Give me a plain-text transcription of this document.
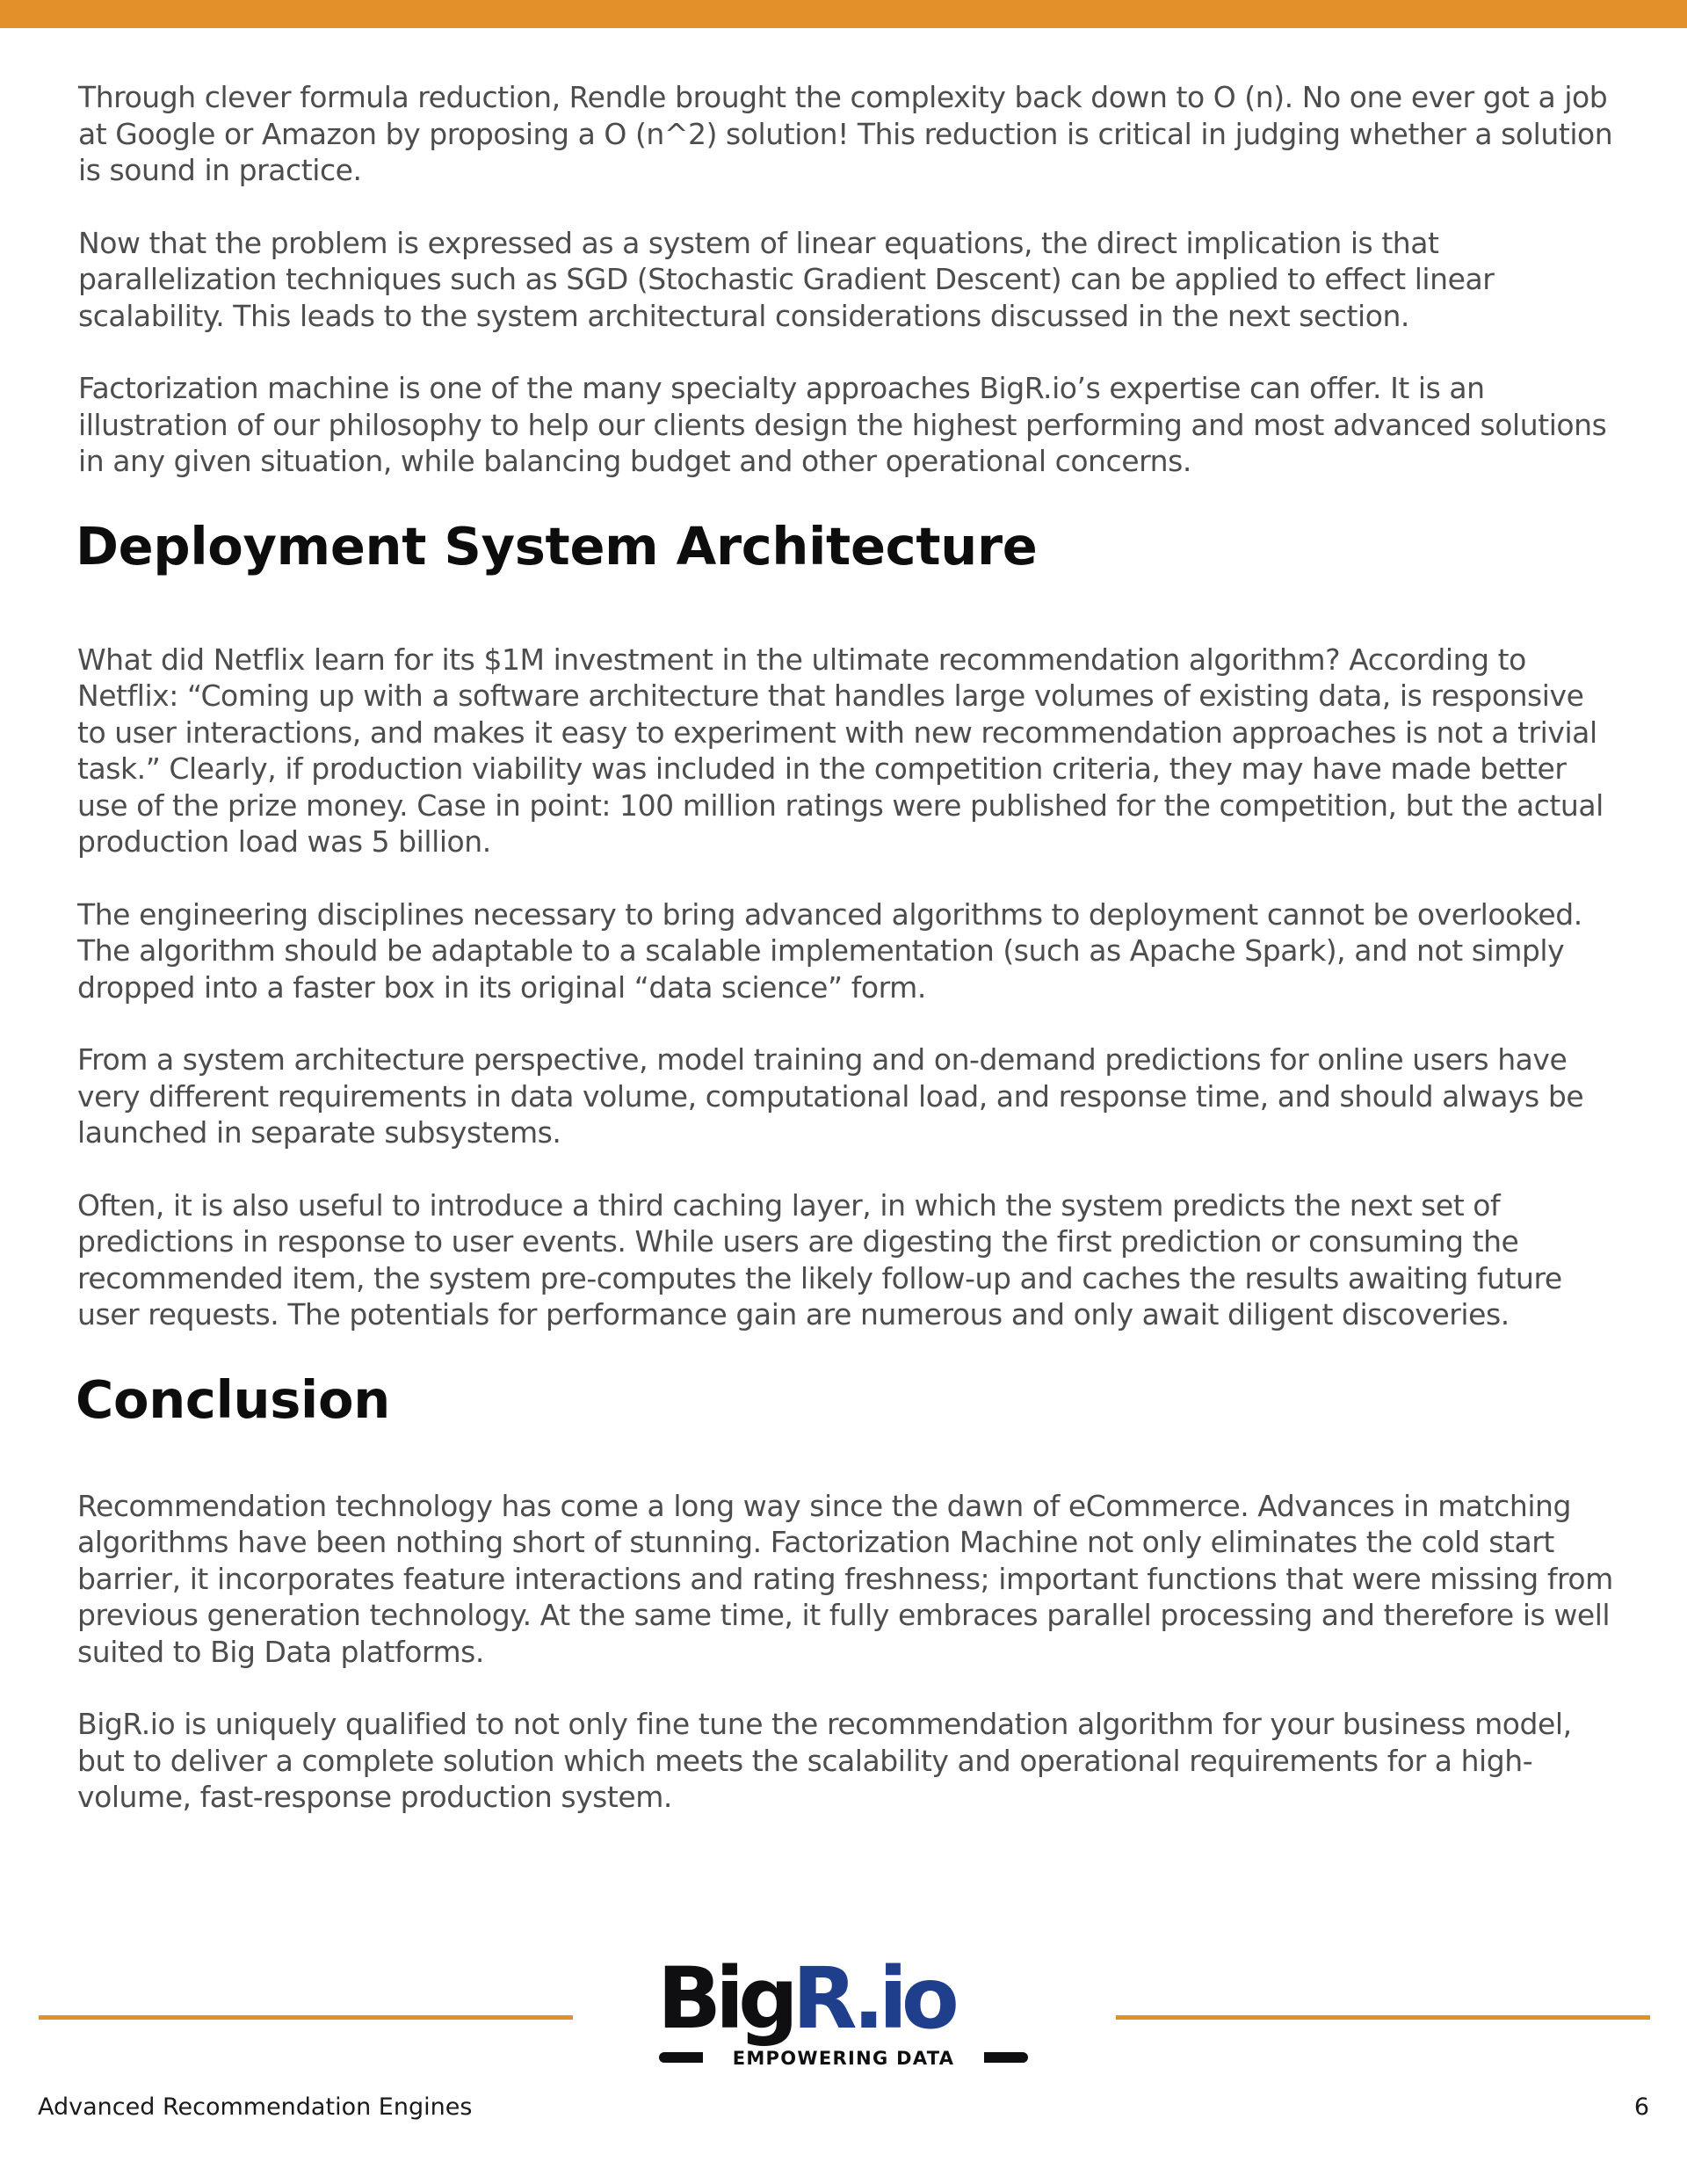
Through clever formula reduction, Rendle brought the complexity back down to O (n). No one ever got a job at Google or Amazon by proposing a O (n^2) solution! This reduction is critical in judging whether a solution is sound in practice.

Now that the problem is expressed as a system of linear equations, the direct implication is that parallelization techniques such as SGD (Stochastic Gradient Descent) can be applied to effect linear scalability. This leads to the system architectural considerations discussed in the next section.

Factorization machine is one of the many specialty approaches BigR.io’s expertise can offer. It is an illustration of our philosophy to help our clients design the highest performing and most advanced solutions in any given situation, while balancing budget and other operational concerns.

Deployment System Architecture

What did Netflix learn for its $1M investment in the ultimate recommendation algorithm? According to Netflix: “Coming up with a software architecture that handles large volumes of existing data, is responsive to user interactions, and makes it easy to experiment with new recommendation approaches is not a trivial task.” Clearly, if production viability was included in the competition criteria, they may have made better use of the prize money. Case in point: 100 million ratings were published for the competition, but the actual production load was 5 billion.

The engineering disciplines necessary to bring advanced algorithms to deployment cannot be overlooked. The algorithm should be adaptable to a scalable implementation (such as Apache Spark), and not simply dropped into a faster box in its original “data science” form.

From a system architecture perspective, model training and on-demand predictions for online users have very different requirements in data volume, computational load, and response time, and should always be launched in separate subsystems.

Often, it is also useful to introduce a third caching layer, in which the system predicts the next set of predictions in response to user events. While users are digesting the first prediction or consuming the recommended item, the system pre-computes the likely follow-up and caches the results awaiting future user requests. The potentials for performance gain are numerous and only await diligent discoveries.

Conclusion

Recommendation technology has come a long way since the dawn of eCommerce. Advances in matching algorithms have been nothing short of stunning. Factorization Machine not only eliminates the cold start barrier, it incorporates feature interactions and rating freshness; important functions that were missing from previous generation technology. At the same time, it fully embraces parallel processing and therefore is well suited to Big Data platforms.

BigR.io is uniquely qualified to not only fine tune the recommendation algorithm for your business model, but to deliver a complete solution which meets the scalability and operational requirements for a high-volume, fast-response production system.

BigR.io
EMPOWERING DATA
Advanced Recommendation Engines	6
